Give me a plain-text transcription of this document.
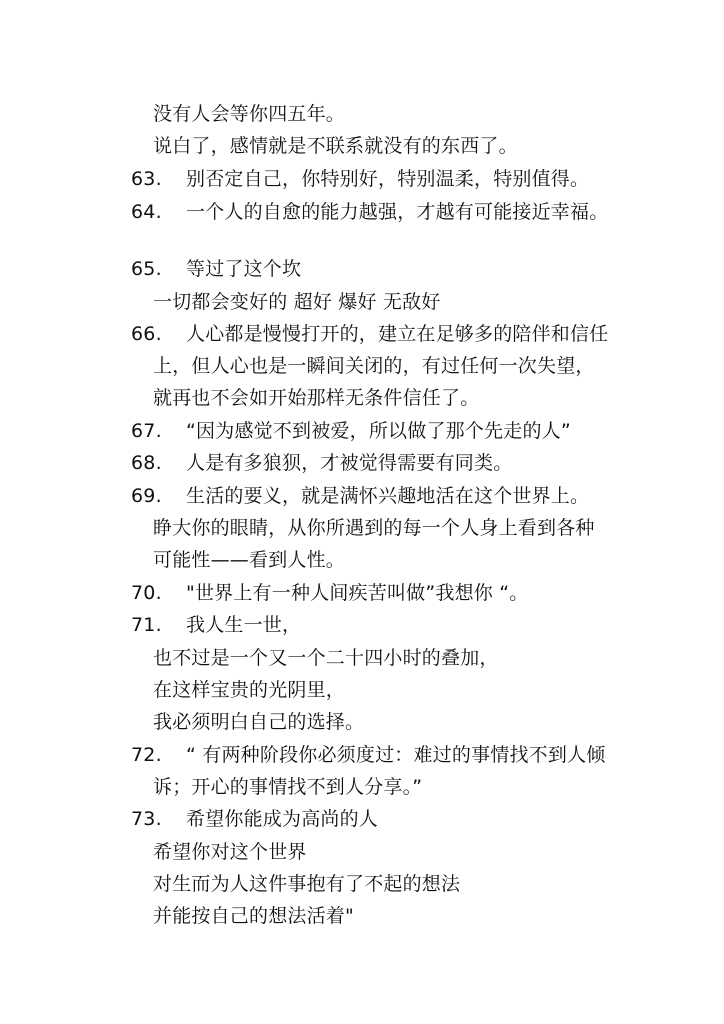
没有人会等你四五年。
说白了，感情就是不联系就没有的东西了。
63. 别否定自己，你特别好，特别温柔，特别值得。
64. 一个人的自愈的能力越强，才越有可能接近幸福。
65. 等过了这个坎
一切都会变好的 超好 爆好 无敌好
66. 人心都是慢慢打开的，建立在足够多的陪伴和信任
上，但人心也是一瞬间关闭的，有过任何一次失望，
就再也不会如开始那样无条件信任了。
67. “因为感觉不到被爱，所以做了那个先走的人”
68. 人是有多狼狈，才被觉得需要有同类。
69. 生活的要义，就是满怀兴趣地活在这个世界上。
睁大你的眼睛，从你所遇到的每一个人身上看到各种
可能性——看到人性。
70. "世界上有一种人间疾苦叫做”我想你 “。
71. 我人生一世，
也不过是一个又一个二十四小时的叠加，
在这样宝贵的光阴里，
我必须明白自己的选择。
72. “ 有两种阶段你必须度过：难过的事情找不到人倾
诉；开心的事情找不到人分享。”
73. 希望你能成为高尚的人
希望你对这个世界
对生而为人这件事抱有了不起的想法
并能按自己的想法活着"
